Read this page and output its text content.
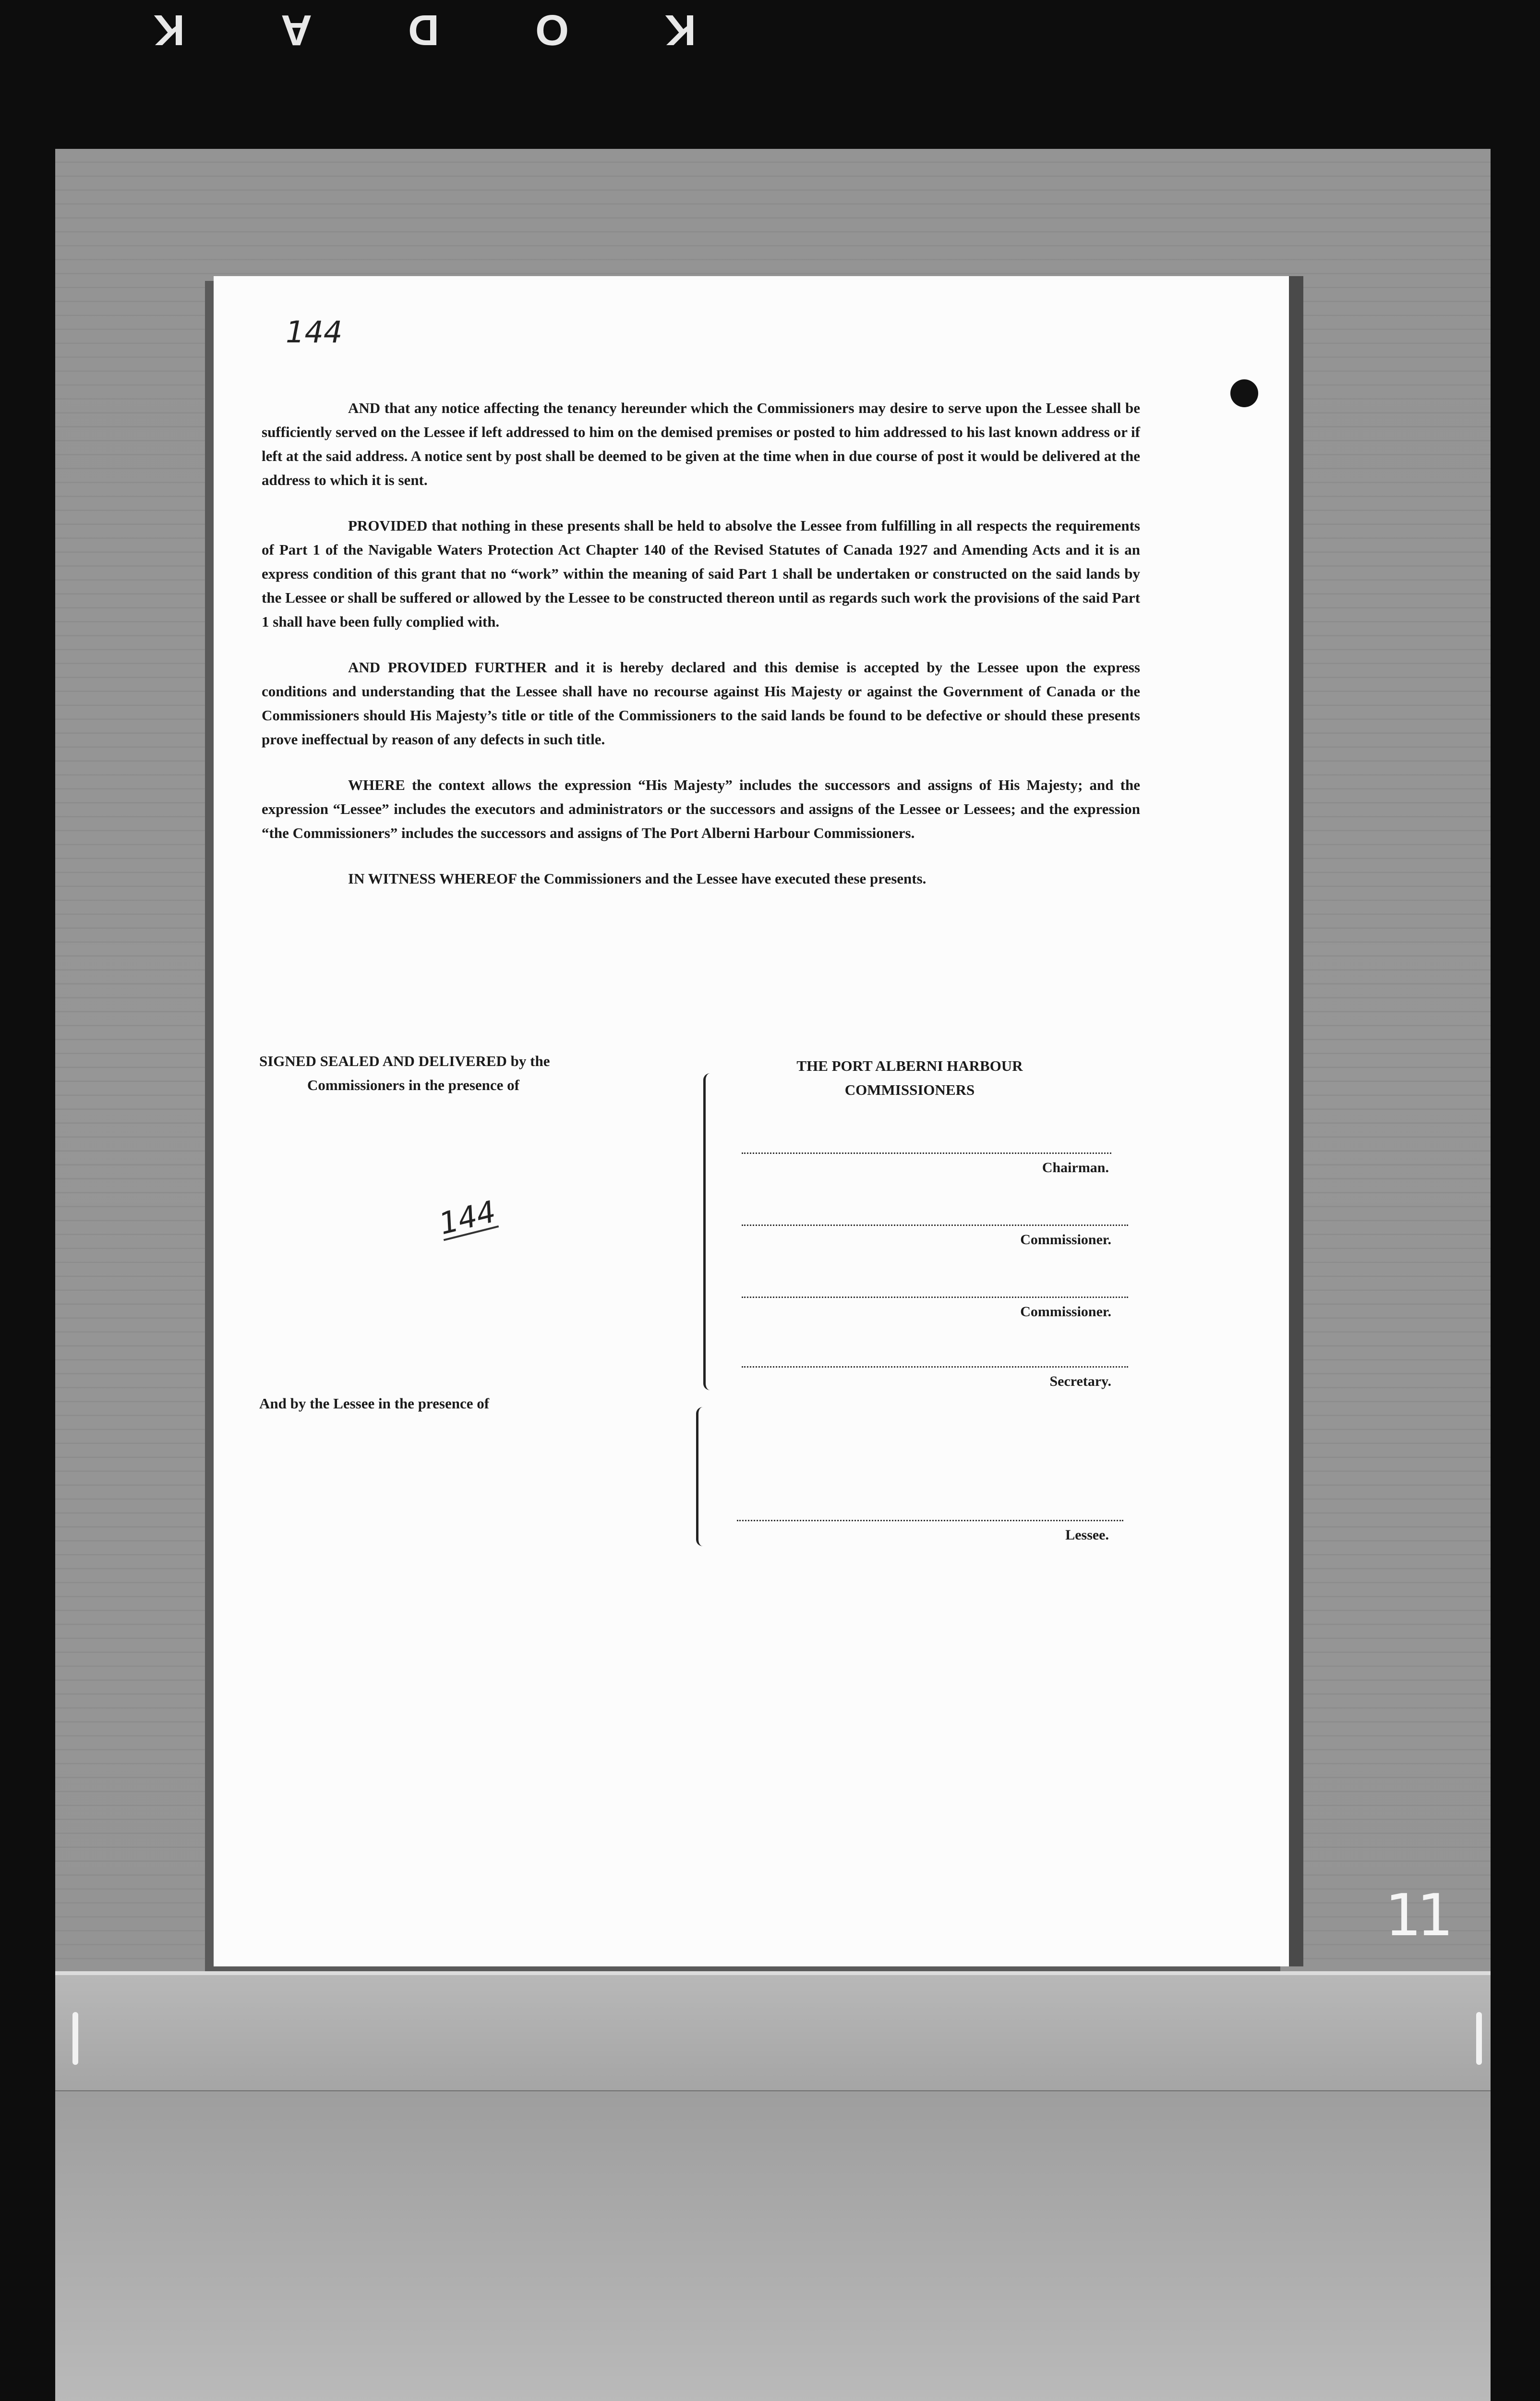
KODAK
11
144

AND that any notice affecting the tenancy hereunder which the Commissioners may desire to serve upon the Lessee shall be sufficiently served on the Lessee if left addressed to him on the demised premises or posted to him addressed to his last known address or if left at the said address. A notice sent by post shall be deemed to be given at the time when in due course of post it would be delivered at the address to which it is sent.

PROVIDED that nothing in these presents shall be held to absolve the Lessee from fulfilling in all respects the requirements of Part 1 of the Navigable Waters Protection Act Chapter 140 of the Revised Statutes of Canada 1927 and Amending Acts and it is an express condition of this grant that no “work” within the meaning of said Part 1 shall be undertaken or constructed on the said lands by the Lessee or shall be suffered or allowed by the Lessee to be constructed thereon until as regards such work the provisions of the said Part 1 shall have been fully complied with.

AND PROVIDED FURTHER and it is hereby declared and this demise is accepted by the Lessee upon the express conditions and understanding that the Lessee shall have no recourse against His Majesty or against the Government of Canada or the Commissioners should His Majesty’s title or title of the Commissioners to the said lands be found to be defective or should these presents prove ineffectual by reason of any defects in such title.

WHERE the context allows the expression “His Majesty” includes the successors and assigns of His Majesty; and the expression “Lessee” includes the executors and administrators or the successors and assigns of the Lessee or Lessees; and the expression “the Commissioners” includes the successors and assigns of The Port Alberni Harbour Commissioners.

IN WITNESS WHEREOF the Commissioners and the Lessee have executed these presents.

SIGNED SEALED AND DELIVERED by the
Commissioners in the presence of
144
THE PORT ALBERNI HARBOUR
COMMISSIONERS
Chairman.
Commissioner.
Commissioner.
Secretary.
And by the Lessee in the presence of
Lessee.
